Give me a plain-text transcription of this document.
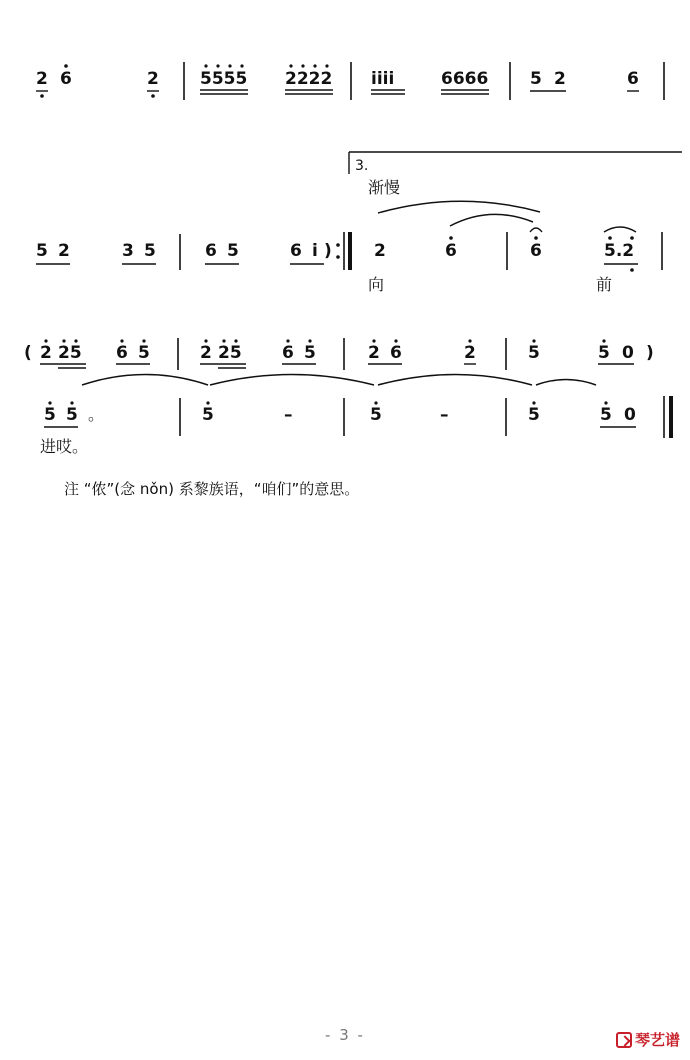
2 6	2 5555 2222 iiii	6666 5 2	6
3.
渐慢
5 2	3 5	6 5	6 i ) 2	6	6	5.2
向	前
( 2 25 6 5	2 25 6 5	2 6	2	5	5 0 )
5 5 。	5	–	5	–	5	5 0
进哎。

注 “侬”(念 nǒn) 系黎族语，“咱们”的意思。

- 3 -	琴艺谱
